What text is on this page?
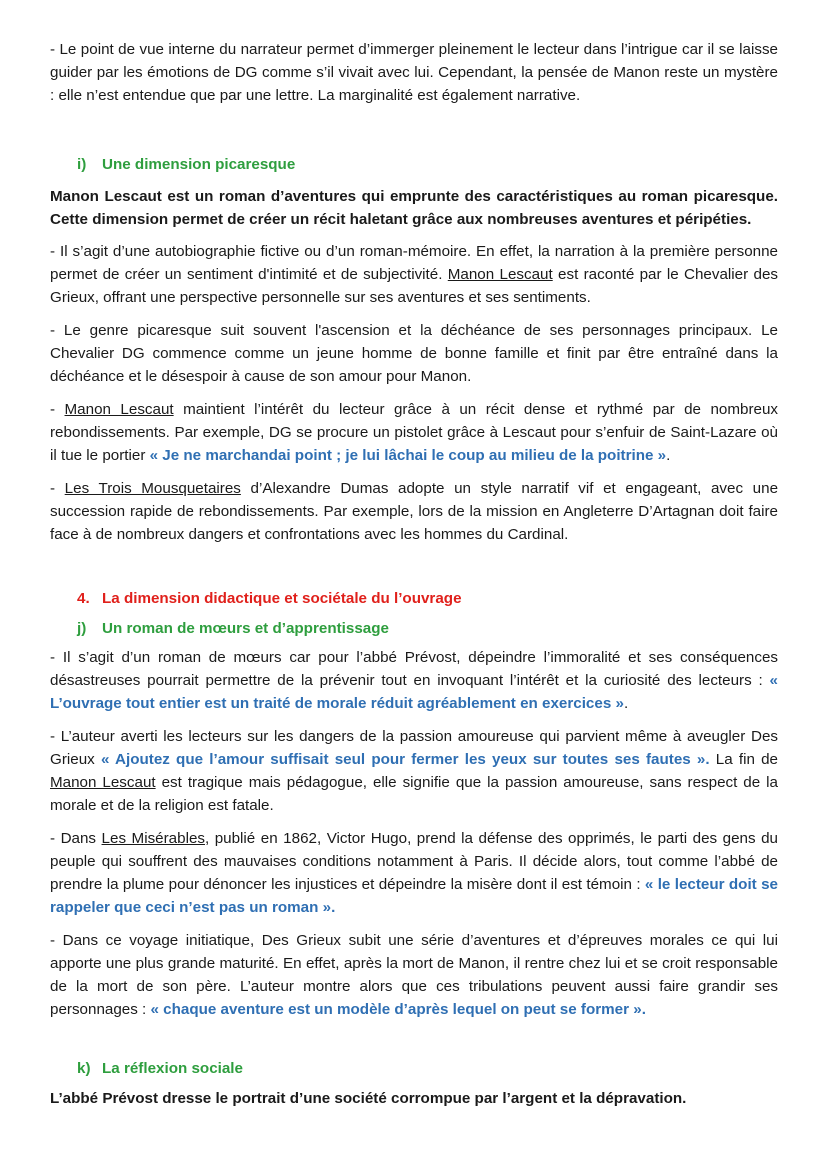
- Le point de vue interne du narrateur permet d’immerger pleinement le lecteur dans l’intrigue car il se laisse guider par les émotions de DG comme s’il vivait avec lui. Cependant, la pensée de Manon reste un mystère : elle n’est entendue que par une lettre. La marginalité est également narrative.

i) Une dimension picaresque

Manon Lescaut est un roman d’aventures qui emprunte des caractéristiques au roman picaresque. Cette dimension permet de créer un récit haletant grâce aux nombreuses aventures et péripéties.

- Il s’agit d’une autobiographie fictive ou d’un roman-mémoire. En effet, la narration à la première personne permet de créer un sentiment d'intimité et de subjectivité. Manon Lescaut est raconté par le Chevalier des Grieux, offrant une perspective personnelle sur ses aventures et ses sentiments.

- Le genre picaresque suit souvent l'ascension et la déchéance de ses personnages principaux. Le Chevalier DG commence comme un jeune homme de bonne famille et finit par être entraîné dans la déchéance et le désespoir à cause de son amour pour Manon.

- Manon Lescaut maintient l’intérêt du lecteur grâce à un récit dense et rythmé par de nombreux rebondissements. Par exemple, DG se procure un pistolet grâce à Lescaut pour s’enfuir de Saint-Lazare où il tue le portier « Je ne marchandai point ; je lui lâchai le coup au milieu de la poitrine ».

- Les Trois Mousquetaires d’Alexandre Dumas adopte un style narratif vif et engageant, avec une succession rapide de rebondissements. Par exemple, lors de la mission en Angleterre D’Artagnan doit faire face à de nombreux dangers et confrontations avec les hommes du Cardinal.

4. La dimension didactique et sociétale du l’ouvrage
j) Un roman de mœurs et d’apprentissage

- Il s’agit d’un roman de mœurs car pour l’abbé Prévost, dépeindre l’immoralité et ses conséquences désastreuses pourrait permettre de la prévenir tout en invoquant l’intérêt et la curiosité des lecteurs : « L’ouvrage tout entier est un traité de morale réduit agréablement en exercices ».

- L’auteur averti les lecteurs sur les dangers de la passion amoureuse qui parvient même à aveugler Des Grieux « Ajoutez que l’amour suffisait seul pour fermer les yeux sur toutes ses fautes ». La fin de Manon Lescaut est tragique mais pédagogue, elle signifie que la passion amoureuse, sans respect de la morale et de la religion est fatale.

- Dans Les Misérables, publié en 1862, Victor Hugo, prend la défense des opprimés, le parti des gens du peuple qui souffrent des mauvaises conditions notamment à Paris. Il décide alors, tout comme l’abbé de prendre la plume pour dénoncer les injustices et dépeindre la misère dont il est témoin : « le lecteur doit se rappeler que ceci n’est pas un roman ».

- Dans ce voyage initiatique, Des Grieux subit une série d’aventures et d’épreuves morales ce qui lui apporte une plus grande maturité. En effet, après la mort de Manon, il rentre chez lui et se croit responsable de la mort de son père. L’auteur montre alors que ces tribulations peuvent aussi faire grandir ses personnages : « chaque aventure est un modèle d’après lequel on peut se former ».

k) La réflexion sociale

L’abbé Prévost dresse le portrait d’une société corrompue par l’argent et la dépravation.
